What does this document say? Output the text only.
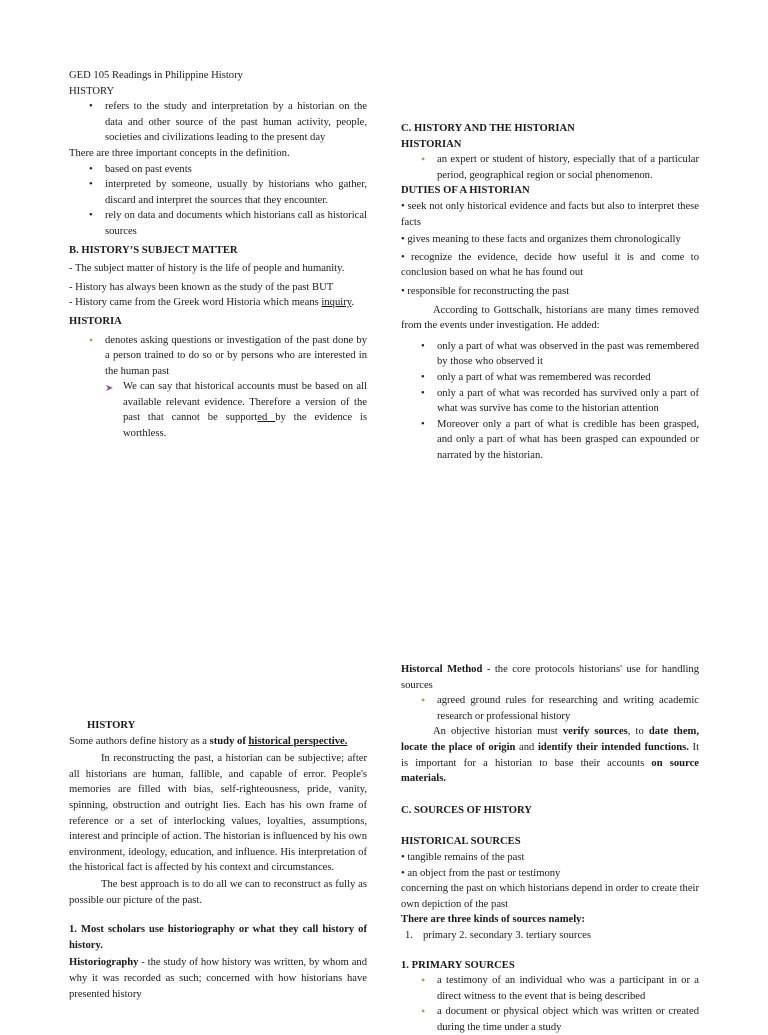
GED 105 Readings in Philippine History

HISTORY

• refers to the study and interpretation by a historian on the data and other source of the past human activity, people, societies and civilizations leading to the present day

There are three important concepts in the definition.

• based on past events
• interpreted by someone, usually by historians who gather, discard and interpret the sources that they encounter.
• rely on data and documents which historians call as historical sources

B. HISTORY’S SUBJECT MATTER

- The subject matter of history is the life of people and humanity.

- History has always been known as the study of the past BUT

- History came from the Greek word Historia which means inquiry.

HISTORIA

• denotes asking questions or investigation of the past done by a person trained to do so or by persons who are interested in the human past
➤ We can say that historical accounts must be based on all available relevant evidence. Therefore a version of the past that cannot be supported by the evidence is worthless.

C. HISTORY AND THE HISTORIAN

HISTORIAN

• an expert or student of history, especially that of a particular period, geographical region or social phenomenon.

DUTIES OF A HISTORIAN

• seek not only historical evidence and facts but also to interpret these facts

• gives meaning to these facts and organizes them chronologically

• recognize the evidence, decide how useful it is and come to conclusion based on what he has found out

• responsible for reconstructing the past

According to Gottschalk, historians are many times removed from the events under investigation. He added:

• only a part of what was observed in the past was remembered by those who observed it
• only a part of what was remembered was recorded
• only a part of what was recorded has survived only a part of what was survive has come to the historian attention
• Moreover only a part of what is credible has been grasped, and only a part of what has been grasped can expounded or narrated by the historian.

HISTORY

Some authors define history as a study of historical perspective.

In reconstructing the past, a historian can be subjective; after all historians are human, fallible, and capable of error. People's memories are filled with bias, self-righteousness, pride, vanity, spinning, obstruction and outright lies. Each has his own frame of reference or a set of interlocking values, loyalties, assumptions, interest and principle of action. The historian is influenced by his own environment, ideology, education, and influence. His interpretation of the historical fact is affected by his context and circumstances.

The best approach is to do all we can to reconstruct as fully as possible our picture of the past.

1. Most scholars use historiography or what they call history of history.

Historiography - the study of how history was written, by whom and why it was recorded as such; concerned with how historians have presented history

Historcal Method - the core protocols historians' use for handling sources

• agreed ground rules for researching and writing academic research or professional history

An objective historian must verify sources, to date them, locate the place of origin and identify their intended functions. It is important for a historian to base their accounts on source materials.

C. SOURCES OF HISTORY

HISTORICAL SOURCES

• tangible remains of the past

• an object from the past or testimony

concerning the past on which historians depend in order to create their own depiction of the past

There are three kinds of sources namely:

1. primary 2. secondary 3. tertiary sources

1. PRIMARY SOURCES

• a testimony of an individual who was a participant in or a direct witness to the event that is being described
• a document or physical object which was written or created during the time under a study
